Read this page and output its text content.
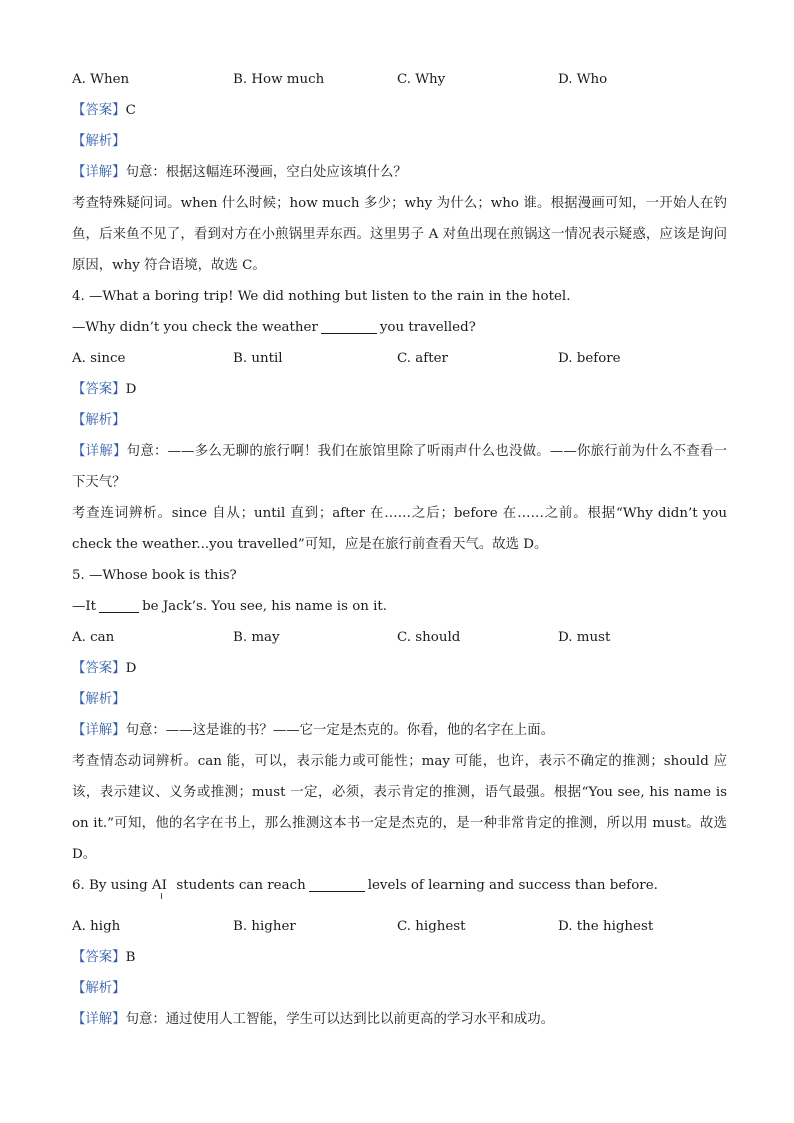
A. When	B. How much	C. Why	D. Who
【答案】C
【解析】
【详解】句意：根据这幅连环漫画，空白处应该填什么？
考查特殊疑问词。when 什么时候；how much 多少；why 为什么；who 谁。根据漫画可知，一开始人在钓鱼，后来鱼不见了，看到对方在小煎锅里弄东西。这里男子 A 对鱼出现在煎锅这一情况表示疑惑，应该是询问原因，why 符合语境，故选 C。
4. —What a boring trip! We did nothing but listen to the rain in the hotel.
—Why didn’t you check the weather	you travelled?
A. since	B. until	C. after	D. before
【答案】D
【解析】
【详解】句意：——多么无聊的旅行啊！我们在旅馆里除了听雨声什么也没做。——你旅行前为什么不查看一下天气？
考查连词辨析。since 自从；until 直到；after 在……之后；before 在……之前。根据“Why didn’t you check the weather...you travelled”可知，应是在旅行前查看天气。故选 D。
5. —Whose book is this?
—It	be Jack’s. You see, his name is on it.
A. can	B. may	C. should	D. must
【答案】D
【解析】
【详解】句意：——这是谁的书？——它一定是杰克的。你看，他的名字在上面。
考查情态动词辨析。can 能，可以，表示能力或可能性；may 可能，也许，表示不确定的推测；should 应该，表示建议、义务或推测；must 一定，必须，表示肯定的推测，语气最强。根据“You see, his name is on it.”可知，他的名字在书上，那么推测这本书一定是杰克的，是一种非常肯定的推测，所以用 must。故选 D。
6. By using AI students can reach	levels of learning and success than before.
A. high	B. higher	C. highest	D. the highest
【答案】B
【解析】
【详解】句意：通过使用人工智能，学生可以达到比以前更高的学习水平和成功。
